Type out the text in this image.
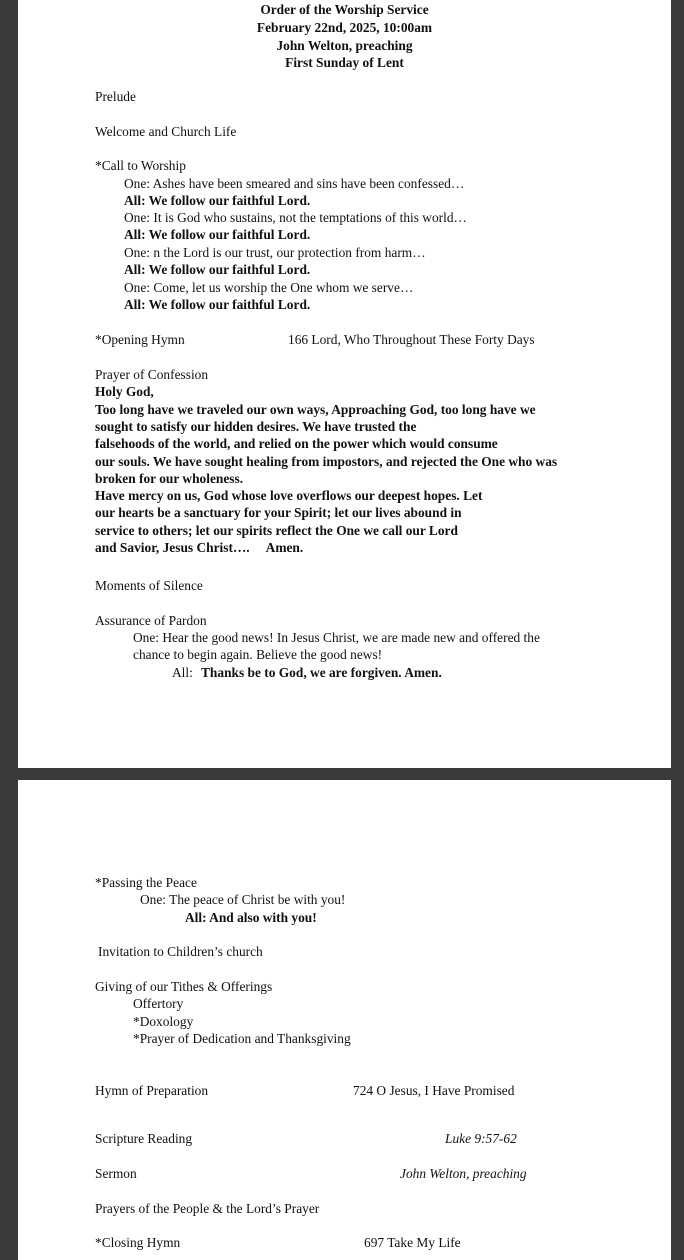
Order of the Worship Service
February 22nd, 2025, 10:00am
John Welton, preaching
First Sunday of Lent
Prelude
Welcome and Church Life
*Call to Worship
One: Ashes have been smeared and sins have been confessed…
All: We follow our faithful Lord.
One: It is God who sustains, not the temptations of this world…
All: We follow our faithful Lord.
One: n the Lord is our trust, our protection from harm…
All: We follow our faithful Lord.
One: Come, let us worship the One whom we serve…
All: We follow our faithful Lord.
*Opening Hymn	166 Lord, Who Throughout These Forty Days
Prayer of Confession
Holy God,
Too long have we traveled our own ways, Approaching God, too long have we
sought to satisfy our hidden desires. We have trusted the
falsehoods of the world, and relied on the power which would consume
our souls. We have sought healing from impostors, and rejected the One who was
broken for our wholeness.
Have mercy on us, God whose love overflows our deepest hopes. Let
our hearts be a sanctuary for your Spirit; let our lives abound in
service to others; let our spirits reflect the One we call our Lord
and Savior, Jesus Christ….     Amen.
Moments of Silence
Assurance of Pardon
One: Hear the good news! In Jesus Christ, we are made new and offered the
chance to begin again. Believe the good news!
All: Thanks be to God, we are forgiven. Amen.
*Passing the Peace
One: The peace of Christ be with you!
All: And also with you!
Invitation to Children’s church
Giving of our Tithes & Offerings
Offertory
*Doxology
*Prayer of Dedication and Thanksgiving
Hymn of Preparation	724 O Jesus, I Have Promised
Scripture Reading	Luke 9:57-62
Sermon	John Welton, preaching
Prayers of the People & the Lord’s Prayer
*Closing Hymn	697 Take My Life
